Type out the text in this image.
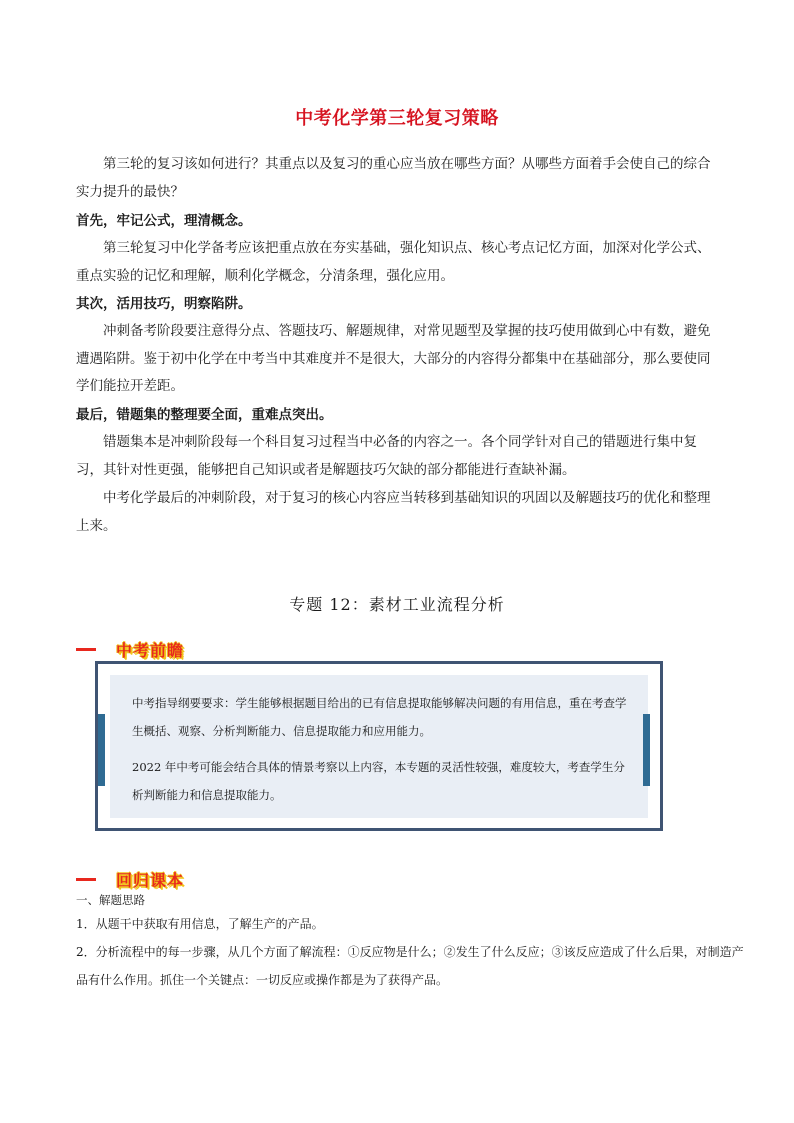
中考化学第三轮复习策略

第三轮的复习该如何进行？其重点以及复习的重心应当放在哪些方面？从哪些方面着手会使自己的综合实力提升的最快？

首先，牢记公式，理清概念。

第三轮复习中化学备考应该把重点放在夯实基础，强化知识点、核心考点记忆方面，加深对化学公式、重点实验的记忆和理解，顺利化学概念，分清条理，强化应用。

其次，活用技巧，明察陷阱。

冲刺备考阶段要注意得分点、答题技巧、解题规律，对常见题型及掌握的技巧使用做到心中有数，避免遭遇陷阱。鉴于初中化学在中考当中其难度并不是很大，大部分的内容得分都集中在基础部分，那么要使同学们能拉开差距。

最后，错题集的整理要全面，重难点突出。

错题集本是冲刺阶段每一个科目复习过程当中必备的内容之一。各个同学针对自己的错题进行集中复习，其针对性更强，能够把自己知识或者是解题技巧欠缺的部分都能进行查缺补漏。

中考化学最后的冲刺阶段，对于复习的核心内容应当转移到基础知识的巩固以及解题技巧的优化和整理上来。

专题 12：素材工业流程分析
中考前瞻

中考指导纲要要求：学生能够根据题目给出的已有信息提取能够解决问题的有用信息，重在考查学生概括、观察、分析判断能力、信息提取能力和应用能力。

2022 年中考可能会结合具体的情景考察以上内容，本专题的灵活性较强，难度较大，考查学生分析判断能力和信息提取能力。

回归课本

一、解题思路

1．从题干中获取有用信息，了解生产的产品。

2．分析流程中的每一步骤，从几个方面了解流程：①反应物是什么；②发生了什么反应；③该反应造成了什么后果，对制造产品有什么作用。抓住一个关键点：一切反应或操作都是为了获得产品。
